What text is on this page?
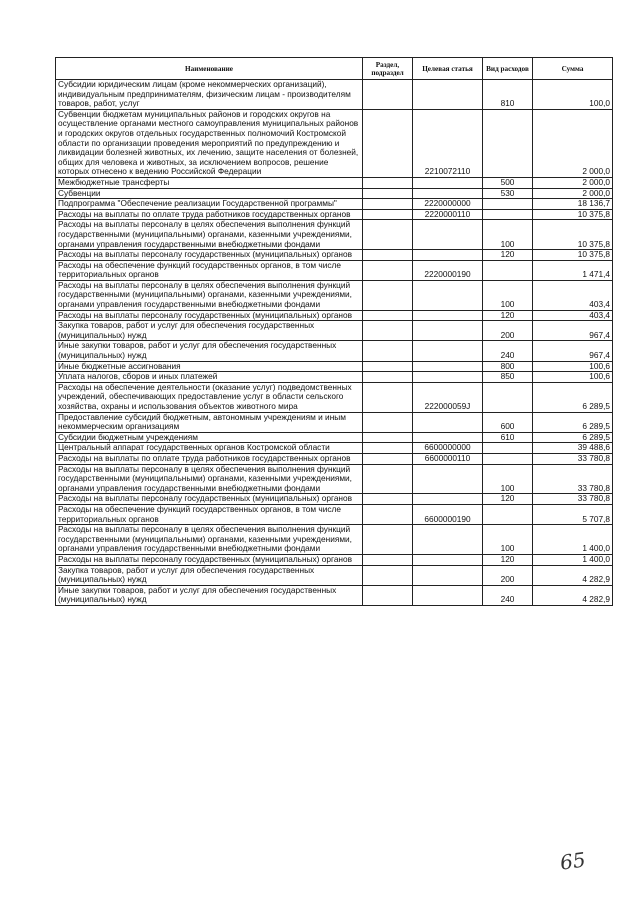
Наименование	Раздел, подраздел	Целевая статья	Вид расходов	Сумма
Субсидии юридическим лицам (кроме некоммерческих организаций), индивидуальным предпринимателям, физическим лицам - производителям товаров, работ, услуг			810	100,0
Субвенции бюджетам муниципальных районов и городских округов на осуществление органами местного самоуправления муниципальных районов и городских округов отдельных государственных полномочий Костромской области по организации проведения мероприятий по предупреждению и ликвидации болезней животных, их лечению, защите населения от болезней, общих для человека и животных, за исключением вопросов, решение которых отнесено к ведению Российской Федерации		2210072110		2 000,0
Межбюджетные трансферты			500	2 000,0
Субвенции			530	2 000,0
Подпрограмма "Обеспечение реализации Государственной программы"		2220000000		18 136,7
Расходы на выплаты по оплате труда работников государственных органов		2220000110		10 375,8
Расходы на выплаты персоналу в целях обеспечения выполнения функций государственными (муниципальными) органами, казенными учреждениями, органами управления государственными внебюджетными фондами			100	10 375,8
Расходы на выплаты персоналу государственных (муниципальных) органов			120	10 375,8
Расходы на обеспечение функций государственных органов, в том числе территориальных органов		2220000190		1 471,4
Расходы на выплаты персоналу в целях обеспечения выполнения функций государственными (муниципальными) органами, казенными учреждениями, органами управления государственными внебюджетными фондами			100	403,4
Расходы на выплаты персоналу государственных (муниципальных) органов			120	403,4
Закупка товаров, работ и услуг для обеспечения государственных (муниципальных) нужд			200	967,4
Иные закупки товаров, работ и услуг для обеспечения государственных (муниципальных) нужд			240	967,4
Иные бюджетные ассигнования			800	100,6
Уплата налогов, сборов и иных платежей			850	100,6
Расходы на обеспечение деятельности (оказание услуг) подведомственных учреждений, обеспечивающих предоставление услуг в области сельского хозяйства, охраны и использования объектов животного мира		222000059J		6 289,5
Предоставление субсидий бюджетным, автономным учреждениям и иным некоммерческим организациям			600	6 289,5
Субсидии бюджетным учреждениям			610	6 289,5
Центральный аппарат государственных органов Костромской области		6600000000		39 488,6
Расходы на выплаты по оплате труда работников государственных органов		6600000110		33 780,8
Расходы на выплаты персоналу в целях обеспечения выполнения функций государственными (муниципальными) органами, казенными учреждениями, органами управления государственными внебюджетными фондами			100	33 780,8
Расходы на выплаты персоналу государственных (муниципальных) органов			120	33 780,8
Расходы на обеспечение функций государственных органов, в том числе территориальных органов		6600000190		5 707,8
Расходы на выплаты персоналу в целях обеспечения выполнения функций государственными (муниципальными) органами, казенными учреждениями, органами управления государственными внебюджетными фондами			100	1 400,0
Расходы на выплаты персоналу государственных (муниципальных) органов			120	1 400,0
Закупка товаров, работ и услуг для обеспечения государственных (муниципальных) нужд			200	4 282,9
Иные закупки товаров, работ и услуг для обеспечения государственных (муниципальных) нужд			240	4 282,9
65
